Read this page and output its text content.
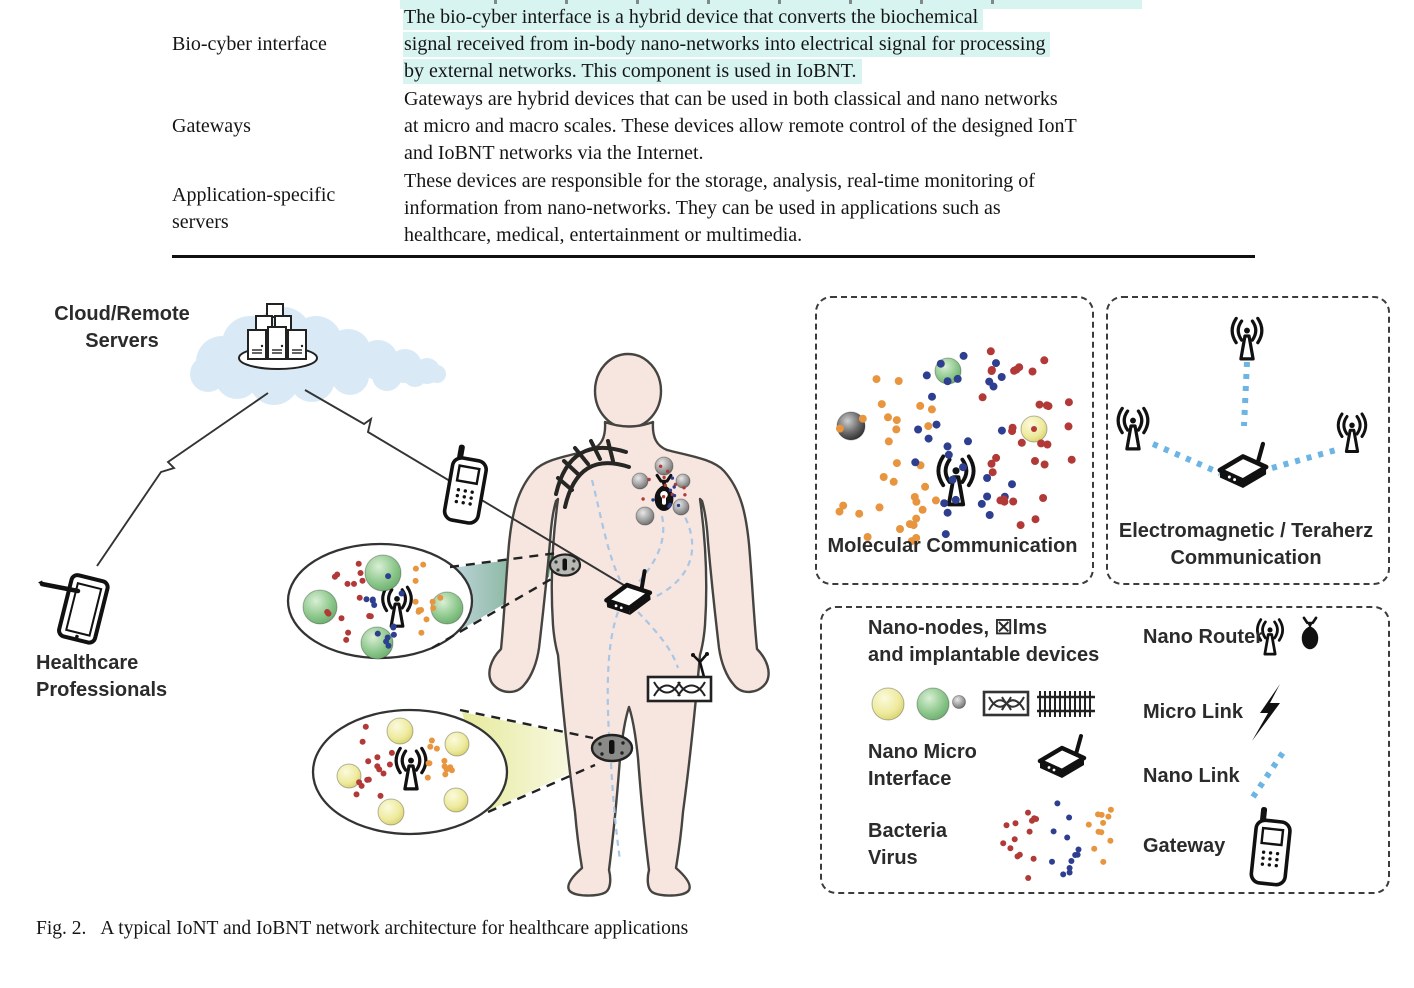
Bio-cyber interface
The bio-cyber interface is a hybrid device that converts the biochemical
signal received from in-body nano-networks into electrical signal for processing
by external networks. This component is used in IoBNT.
Gateways
Gateways are hybrid devices that can be used in both classical and nano networks
at micro and macro scales. These devices allow remote control of the designed IonT
and IoBNT networks via the Internet.
Application-specific
servers
These devices are responsible for the storage, analysis, real-time monitoring of
information from nano-networks. They can be used in applications such as
healthcare, medical, entertainment or multimedia.
Cloud/Remote
Servers
Healthcare
Professionals
Molecular Communication
Electromagnetic / Teraherz
Communication
Nano-nodes, ☒lms
and implantable devices
Nano Micro
Interface
Bacteria
Virus
Nano Router
Micro Link
Nano Link
Gateway
Fig. 2. A typical IoNT and IoBNT network architecture for healthcare applications
